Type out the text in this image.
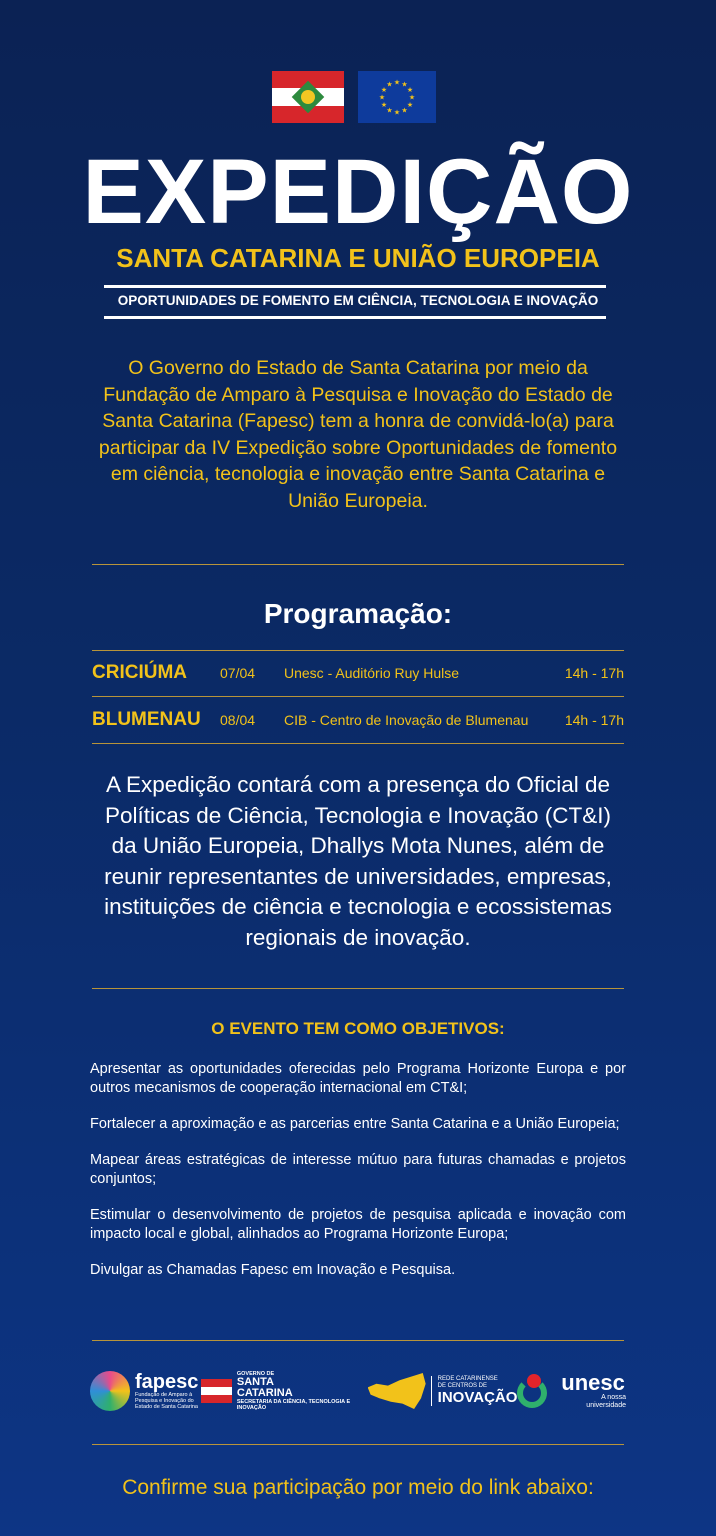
★ ★
★
★
★
★
★
★
★
★
★
★
EXPEDIÇÃO
SANTA CATARINA E UNIÃO EUROPEIA
OPORTUNIDADES DE FOMENTO EM CIÊNCIA, TECNOLOGIA E INOVAÇÃO
O Governo do Estado de Santa Catarina por meio da Fundação de Amparo à Pesquisa e Inovação do Estado de Santa Catarina (Fapesc) tem a honra de convidá-lo(a) para participar da IV Expedição sobre Oportunidades de fomento em ciência, tecnologia e inovação entre Santa Catarina e União Europeia.
Programação:
CRICIÚMA	07/04	Unesc - Auditório Ruy Hulse	14h - 17h
BLUMENAU	08/04	CIB - Centro de Inovação de Blumenau	14h - 17h
A Expedição contará com a presença do Oficial de Políticas de Ciência, Tecnologia e Inovação (CT&I) da União Europeia, Dhallys Mota Nunes, além de reunir representantes de universidades, empresas, instituições de ciência e tecnologia e ecossistemas regionais de inovação.
O EVENTO TEM COMO OBJETIVOS:

Apresentar as oportunidades oferecidas pelo Programa Horizonte Europa e por outros mecanismos de cooperação internacional em CT&I;

Fortalecer a aproximação e as parcerias entre Santa Catarina e a União Europeia;

Mapear áreas estratégicas de interesse mútuo para futuras chamadas e projetos conjuntos;

Estimular o desenvolvimento de projetos de pesquisa aplicada e inovação com impacto local e global, alinhados ao Programa Horizonte Europa;

Divulgar as Chamadas Fapesc em Inovação e Pesquisa.

fapesc
Fundação de Amparo à Pesquisa e Inovação do Estado de Santa Catarina
GOVERNO DE
SANTA
CATARINA
SECRETARIA DA CIÊNCIA, TECNOLOGIA E INOVAÇÃO
REDE CATARINENSE
DE CENTROS DE
INOVAÇÃO
unesc
A nossa universidade
Confirme sua participação por meio do link abaixo:
